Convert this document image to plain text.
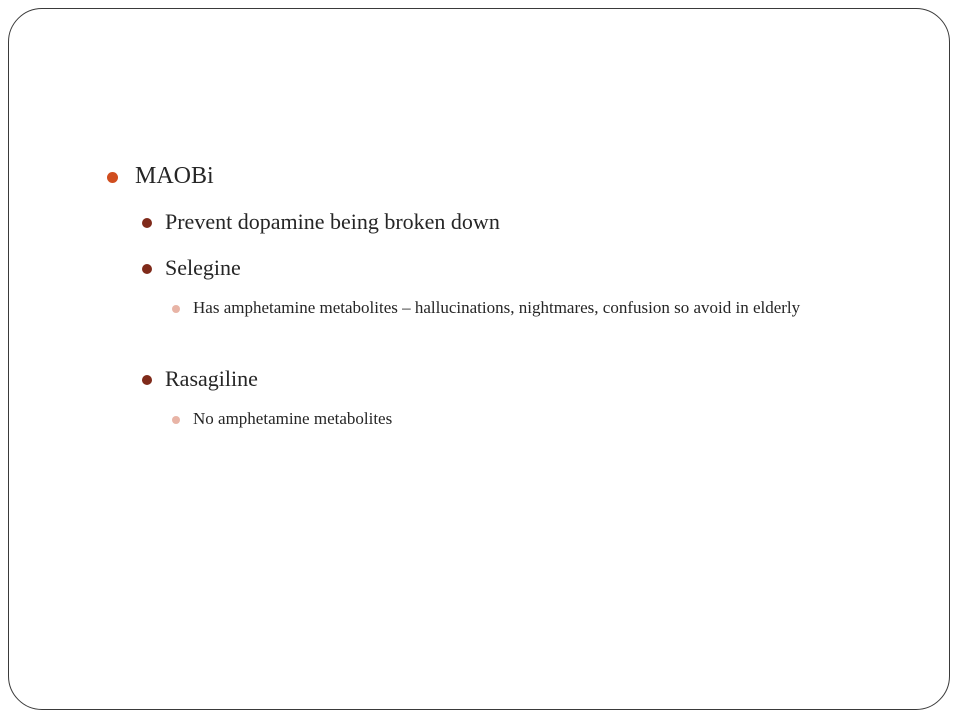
MAOBi
Prevent dopamine being broken down
Selegine
Has amphetamine metabolites – hallucinations, nightmares, confusion so avoid in elderly
Rasagiline
No amphetamine metabolites
